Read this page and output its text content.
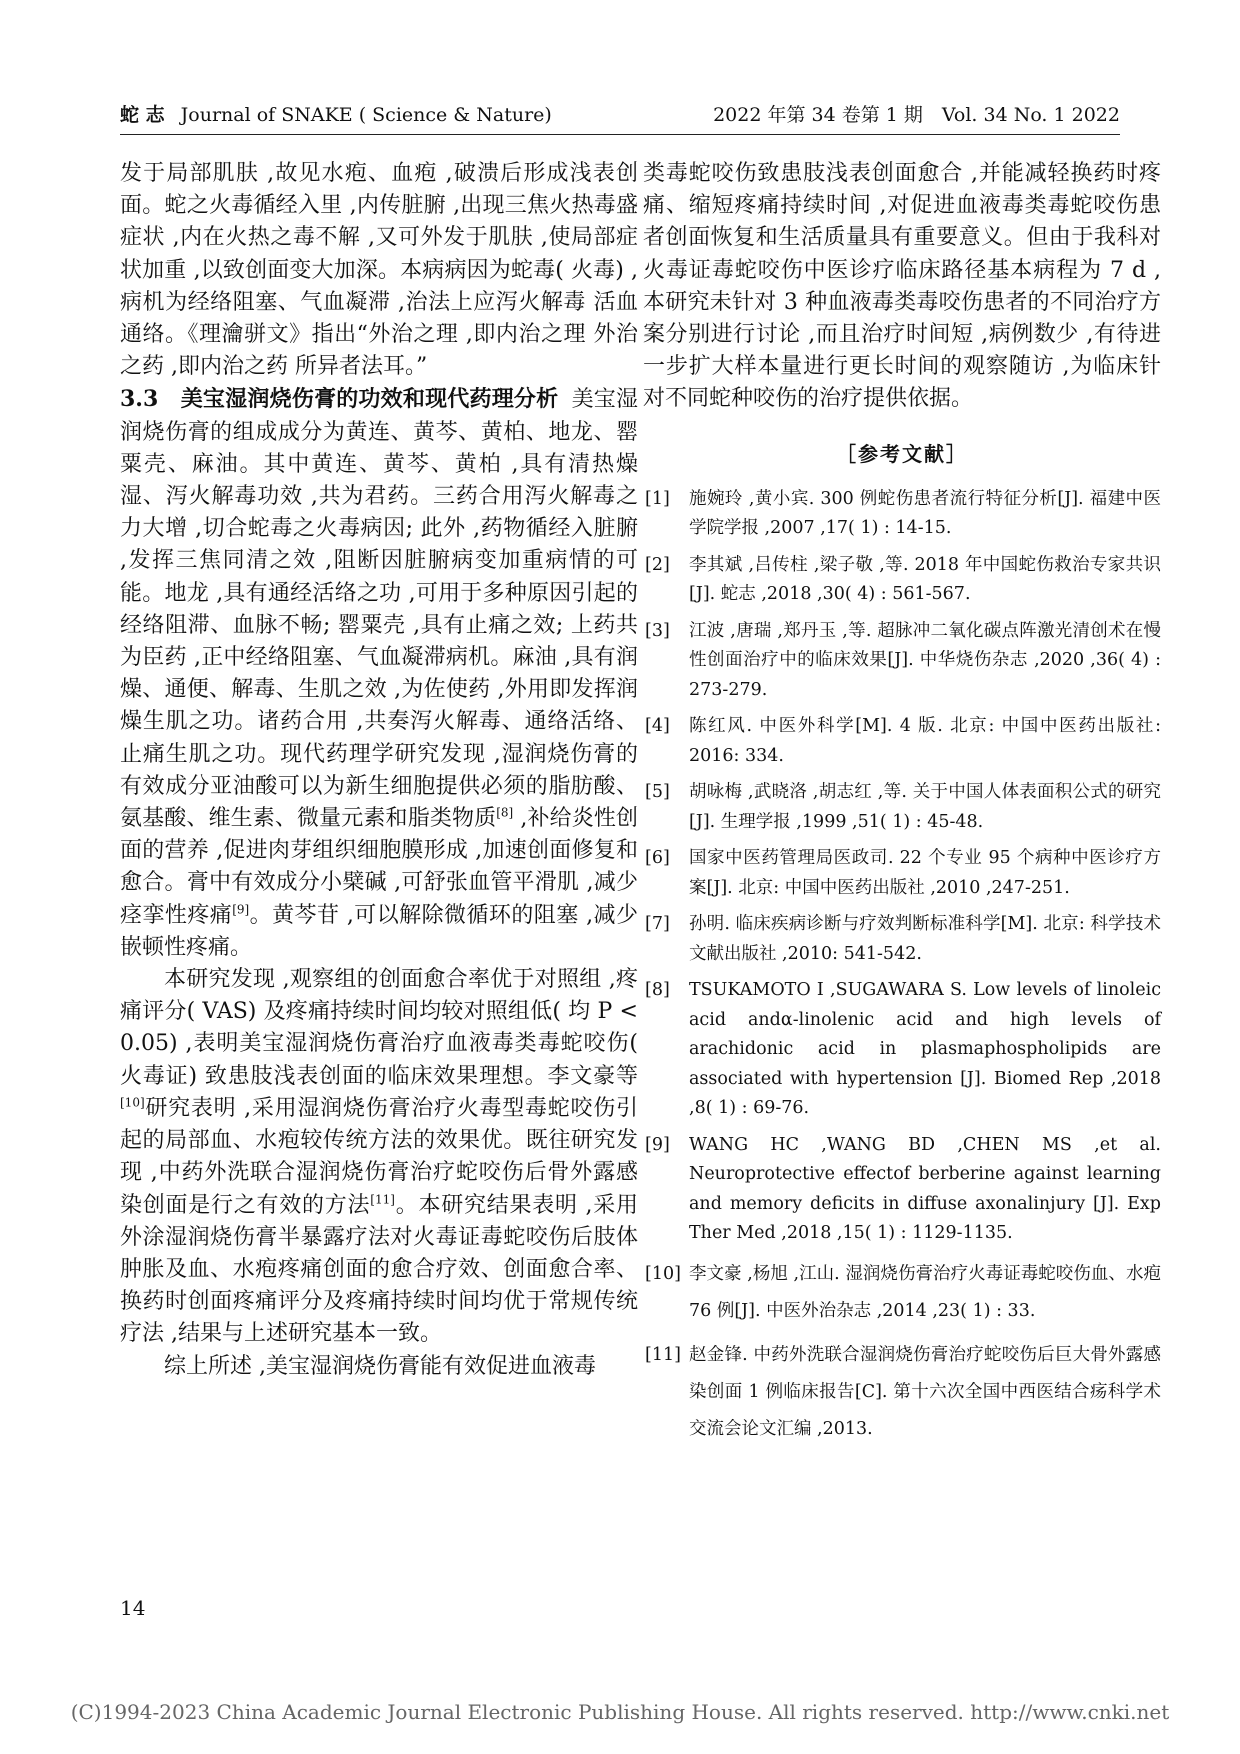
蛇 志 Journal of SNAKE ( Science & Nature)	2022 年第 34 卷第 1 期　Vol. 34 No. 1 2022

发于局部肌肤 ,故见水疱、血疱 ,破溃后形成浅表创面。蛇之火毒循经入里 ,内传脏腑 ,出现三焦火热毒盛症状 ,内在火热之毒不解 ,又可外发于肌肤 ,使局部症状加重 ,以致创面变大加深。本病病因为蛇毒( 火毒) ,病机为经络阻塞、气血凝滞 ,治法上应泻火解毒 活血通络。《理瀹骈文》指出“外治之理 ,即内治之理 外治之药 ,即内治之药 所异者法耳。”

3.3　美宝湿润烧伤膏的功效和现代药理分析 美宝湿润烧伤膏的组成成分为黄连、黄芩、黄柏、地龙、罂粟壳、麻油。其中黄连、黄芩、黄柏 ,具有清热燥湿、泻火解毒功效 ,共为君药。三药合用泻火解毒之力大增 ,切合蛇毒之火毒病因; 此外 ,药物循经入脏腑 ,发挥三焦同清之效 ,阻断因脏腑病变加重病情的可能。地龙 ,具有通经活络之功 ,可用于多种原因引起的经络阻滞、血脉不畅; 罂粟壳 ,具有止痛之效; 上药共为臣药 ,正中经络阻塞、气血凝滞病机。麻油 ,具有润燥、通便、解毒、生肌之效 ,为佐使药 ,外用即发挥润燥生肌之功。诸药合用 ,共奏泻火解毒、通络活络、止痛生肌之功。现代药理学研究发现 ,湿润烧伤膏的有效成分亚油酸可以为新生细胞提供必须的脂肪酸、氨基酸、维生素、微量元素和脂类物质[8] ,补给炎性创面的营养 ,促进肉芽组织细胞膜形成 ,加速创面修复和愈合。膏中有效成分小檗碱 ,可舒张血管平滑肌 ,减少痉挛性疼痛[9]。黄芩苷 ,可以解除微循环的阻塞 ,减少嵌顿性疼痛。

本研究发现 ,观察组的创面愈合率优于对照组 ,疼痛评分( VAS) 及疼痛持续时间均较对照组低( 均 P < 0.05) ,表明美宝湿润烧伤膏治疗血液毒类毒蛇咬伤( 火毒证) 致患肢浅表创面的临床效果理想。李文豪等[10]研究表明 ,采用湿润烧伤膏治疗火毒型毒蛇咬伤引起的局部血、水疱较传统方法的效果优。既往研究发现 ,中药外洗联合湿润烧伤膏治疗蛇咬伤后骨外露感染创面是行之有效的方法[11]。本研究结果表明 ,采用外涂湿润烧伤膏半暴露疗法对火毒证毒蛇咬伤后肢体肿胀及血、水疱疼痛创面的愈合疗效、创面愈合率、换药时创面疼痛评分及疼痛持续时间均优于常规传统疗法 ,结果与上述研究基本一致。

综上所述 ,美宝湿润烧伤膏能有效促进血液毒

类毒蛇咬伤致患肢浅表创面愈合 ,并能减轻换药时疼痛、缩短疼痛持续时间 ,对促进血液毒类毒蛇咬伤患者创面恢复和生活质量具有重要意义。但由于我科对火毒证毒蛇咬伤中医诊疗临床路径基本病程为 7 d ,本研究未针对 3 种血液毒类毒咬伤患者的不同治疗方案分别进行讨论 ,而且治疗时间短 ,病例数少 ,有待进一步扩大样本量进行更长时间的观察随访 ,为临床针对不同蛇种咬伤的治疗提供依据。

［参考文献］
[1] 施婉玲 ,黄小宾. 300 例蛇伤患者流行特征分析[J]. 福建中医学院学报 ,2007 ,17( 1) : 14-15.
[2] 李其斌 ,吕传柱 ,梁子敬 ,等. 2018 年中国蛇伤救治专家共识[J]. 蛇志 ,2018 ,30( 4) : 561-567.
[3] 江波 ,唐瑞 ,郑丹玉 ,等. 超脉冲二氧化碳点阵激光清创术在慢性创面治疗中的临床效果[J]. 中华烧伤杂志 ,2020 ,36( 4) : 273-279.
[4] 陈红风. 中医外科学[M]. 4 版. 北京: 中国中医药出版社: 2016: 334.
[5] 胡咏梅 ,武晓洛 ,胡志红 ,等. 关于中国人体表面积公式的研究[J]. 生理学报 ,1999 ,51( 1) : 45-48.
[6] 国家中医药管理局医政司. 22 个专业 95 个病种中医诊疗方案[J]. 北京: 中国中医药出版社 ,2010 ,247-251.
[7] 孙明. 临床疾病诊断与疗效判断标准科学[M]. 北京: 科学技术文献出版社 ,2010: 541-542.
[8] TSUKAMOTO I ,SUGAWARA S. Low levels of linoleic acid andα-linolenic acid and high levels of arachidonic acid in plasmaphospholipids are associated with hypertension [J]. Biomed Rep ,2018 ,8( 1) : 69-76.
[9] WANG HC ,WANG BD ,CHEN MS ,et al. Neuroprotective effectof berberine against learning and memory deficits in diffuse axonalinjury [J]. Exp Ther Med ,2018 ,15( 1) : 1129-1135.
[10] 李文豪 ,杨旭 ,江山. 湿润烧伤膏治疗火毒证毒蛇咬伤血、水疱 76 例[J]. 中医外治杂志 ,2014 ,23( 1) : 33.
[11] 赵金锋. 中药外洗联合湿润烧伤膏治疗蛇咬伤后巨大骨外露感染创面 1 例临床报告[C]. 第十六次全国中西医结合疡科学术交流会论文汇编 ,2013.
14
(C)1994-2023 China Academic Journal Electronic Publishing House. All rights reserved. http://www.cnki.net
